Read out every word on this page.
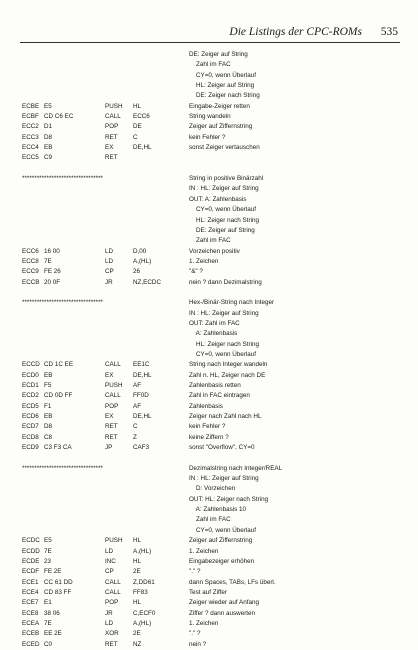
Die Listings der CPC-ROMs 535
DE: Zeiger auf String
Zahl im FAC
CY=0, wenn Überlauf
HL: Zeiger auf String
DE: Zeiger nach String
ECBE E5	PUSH HL	Eingabe-Zeiger retten
ECBF CD C6 EC	CALL ECC6	String wandeln
ECC2 D1	POP DE	Zeiger auf Ziffernstring
ECC3 D8	RET C	kein Fehler ?
ECC4 EB	EX	DE,HL	sonst Zeiger vertauschen
ECC5 C9	RET
*********************************	String in positive Binärzahl
IN : HL: Zeiger auf String
OUT: A: Zahlenbasis
CY=0, wenn Überlauf
HL: Zeiger nach String
DE: Zeiger auf String
Zahl im FAC
ECC6 16 00	LD	D,00	Vorzeichen positiv
ECC8 7E	LD	A,(HL)	1. Zeichen
ECC9 FE 26	CP	26	"&" ?
ECCB 20 0F	JR	NZ,ECDC	nein ? dann Dezimalstring
*********************************	Hex-/Binär-String nach Integer
IN : HL: Zeiger auf String
OUT: Zahl im FAC
A: Zahlenbasis
HL: Zeiger nach String
CY=0, wenn Überlauf
ECCD CD 1C EE	CALL EE1C	String nach Integer wandeln
ECD0 EB	EX	DE,HL	Zahl n. HL, Zeiger nach DE
ECD1 F5	PUSH AF	Zahlenbasis retten
ECD2 CD 0D FF	CALL FF0D	Zahl in FAC eintragen
ECD5 F1	POP AF	Zahlenbasis
ECD6 EB	EX	DE,HL	Zeiger nach Zahl nach HL
ECD7 D8	RET C	kein Fehler ?
ECD8 C8	RET Z	keine Ziffern ?
ECD9 C3 F3 CA	JP	CAF3	sonst "Overflow", CY=0
*********************************	Dezimalstring nach Integer/REAL
IN : HL: Zeiger auf String
D: Vorzeichen
OUT: HL: Zeiger nach String
A: Zahlenbasis 10
Zahl im FAC
CY=0, wenn Überlauf
ECDC E5	PUSH HL	Zeiger auf Ziffernstring
ECDD 7E	LD	A,(HL)	1. Zeichen
ECDE 23	INC	HL	Eingabezeiger erhöhen
ECDF FE 2E	CP	2E	"." ?
ECE1 CC 61 DD	CALL Z,DD61	dann Spaces, TABs, LFs überl.
ECE4 CD 83 FF	CALL FF83	Test auf Ziffer
ECE7 E1	POP HL	Zeiger wieder auf Anfang
ECE8 38 06	JR	C,ECF0	Ziffer ? dann auswerten
ECEA 7E	LD	A,(HL)	1. Zeichen
ECEB EE 2E	XOR 2E	"." ?
ECED C0	RET NZ	nein ?
